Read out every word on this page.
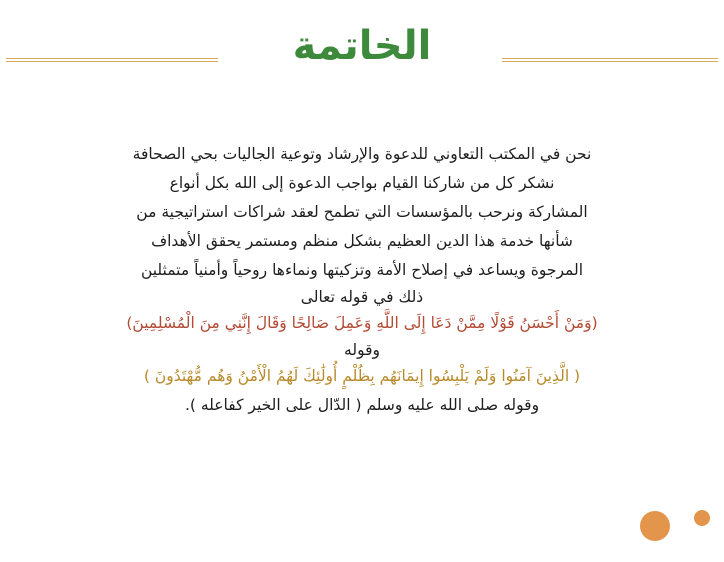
الخاتمة
نحن في المكتب التعاوني للدعوة والإرشاد وتوعية الجاليات بحي الصحافة
نشكر كل من شاركنا القيام بواجب الدعوة إلى الله بكل أنواع
المشاركة ونرحب بالمؤسسات التي تطمح لعقد شراكات استراتيجية من
شأنها خدمة هذا الدين العظيم بشكل منظم ومستمر يحقق الأهداف
المرجوة ويساعد في إصلاح الأمة وتزكيتها ونماءها روحياً وأمنياً متمثلين
ذلك في قوله تعالى
(وَمَنْ أَحْسَنُ قَوْلًا مِمَّنْ دَعَا إِلَى اللَّهِ وَعَمِلَ صَالِحًا وَقَالَ إِنَّنِي مِنَ الْمُسْلِمِينَ)
وقوله
( الَّذِينَ آمَنُوا وَلَمْ يَلْبِسُوا إِيمَانَهُم بِظُلْمٍ أُولَٰئِكَ لَهُمُ الْأَمْنُ وَهُم مُّهْتَدُونَ )
وقوله صلى الله عليه وسلم ( الدّال على الخير كفاعله ).
